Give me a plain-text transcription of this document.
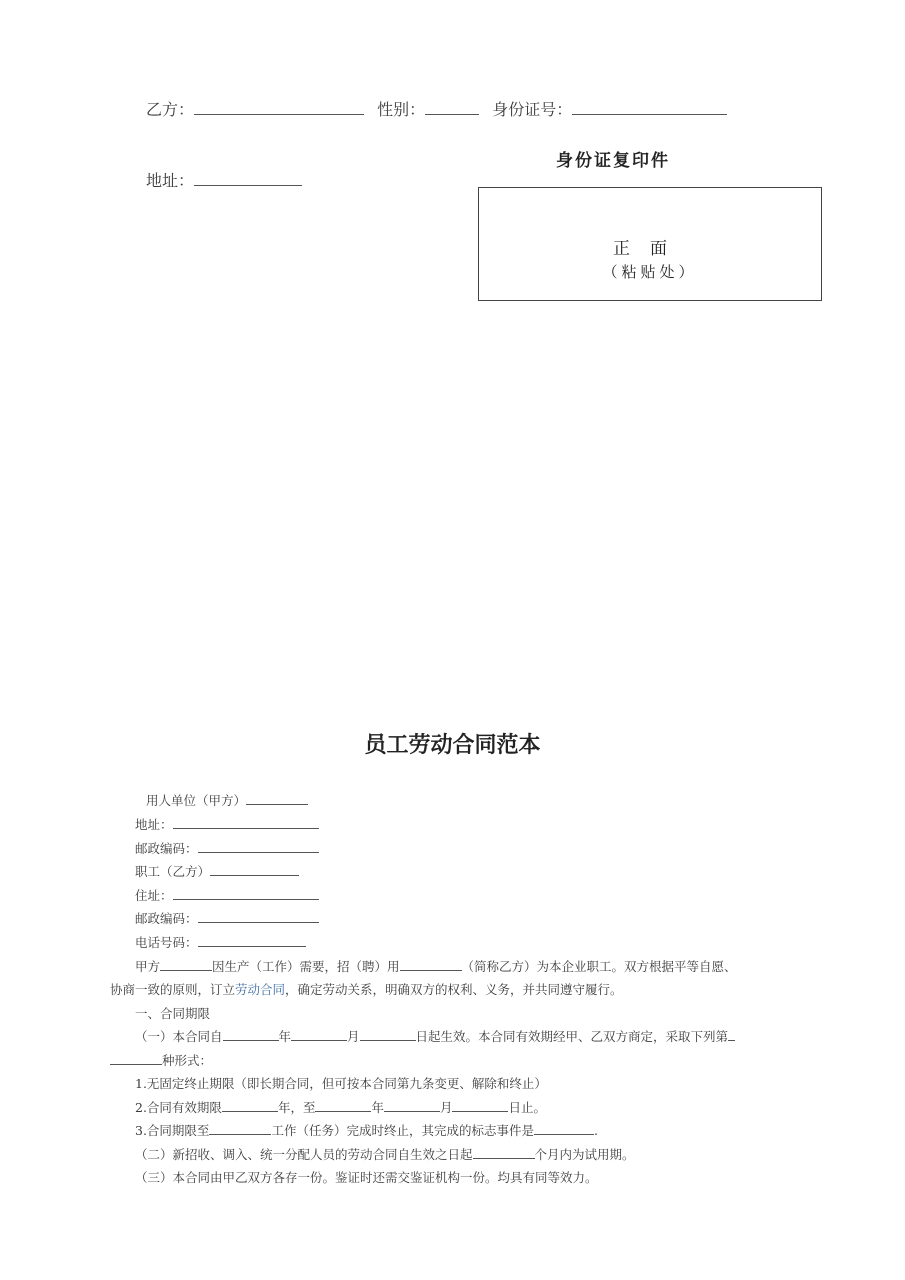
乙方：	性别：	身份证号：
地址：
身份证复印件
正面
（粘贴处）
员工劳动合同范本
用人单位（甲方）
地址：
邮政编码：
职工（乙方）
住址：
邮政编码：
电话号码：
甲方	因生产（工作）需要，招（聘）用	（简称乙方）为本企业职工。双方根据平等自愿、
协商一致的原则，订立劳动合同，确定劳动关系，明确双方的权利、义务，并共同遵守履行。
一、合同期限
（一）本合同自	年	月	日起生效。本合同有效期经甲、乙双方商定，采取下列第
种形式：
1.无固定终止期限（即长期合同，但可按本合同第九条变更、解除和终止）
2.合同有效期限	年，至	年	月	日止。
3.合同期限至	工作（任务）完成时终止，其完成的标志事件是	.
（二）新招收、调入、统一分配人员的劳动合同自生效之日起	个月内为试用期。
（三）本合同由甲乙双方各存一份。鉴证时还需交鉴证机构一份。均具有同等效力。
